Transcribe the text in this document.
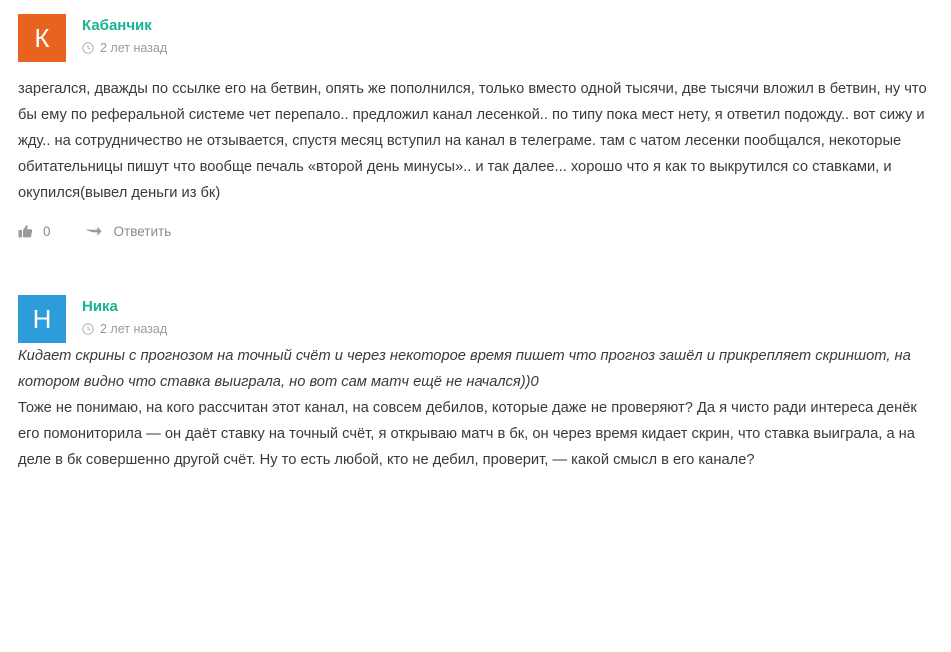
К	Кабанчик
2 лет назад
зарегался, дважды по ссылке его на бетвин, опять же пополнился, только вместо одной тысячи, две тысячи вложил в бетвин, ну что бы ему по реферальной системе чет перепало.. предложил канал лесенкой.. по типу пока мест нету, я ответил подожду.. вот сижу и жду.. на сотрудничество не отзывается, спустя месяц вступил на канал в телеграме. там с чатом лесенки пообщался, некоторые обитательницы пишут что вообще печаль «второй день минусы».. и так далее... хорошо что я как то выкрутился со ставками, и окупился(вывел деньги из бк)
0	Ответить
Н	Ника
2 лет назад
Кидает скрины с прогнозом на точный счёт и через некоторое время пишет что прогноз зашёл и прикрепляет скриншот, на котором видно что ставка выиграла, но вот сам матч ещё не начался))0
Тоже не понимаю, на кого рассчитан этот канал, на совсем дебилов, которые даже не проверяют? Да я чисто ради интереса денёк его помониторила — он даёт ставку на точный счёт, я открываю матч в бк, он через время кидает скрин, что ставка выиграла, а на деле в бк совершенно другой счёт. Ну то есть любой, кто не дебил, проверит, — какой смысл в его канале?
